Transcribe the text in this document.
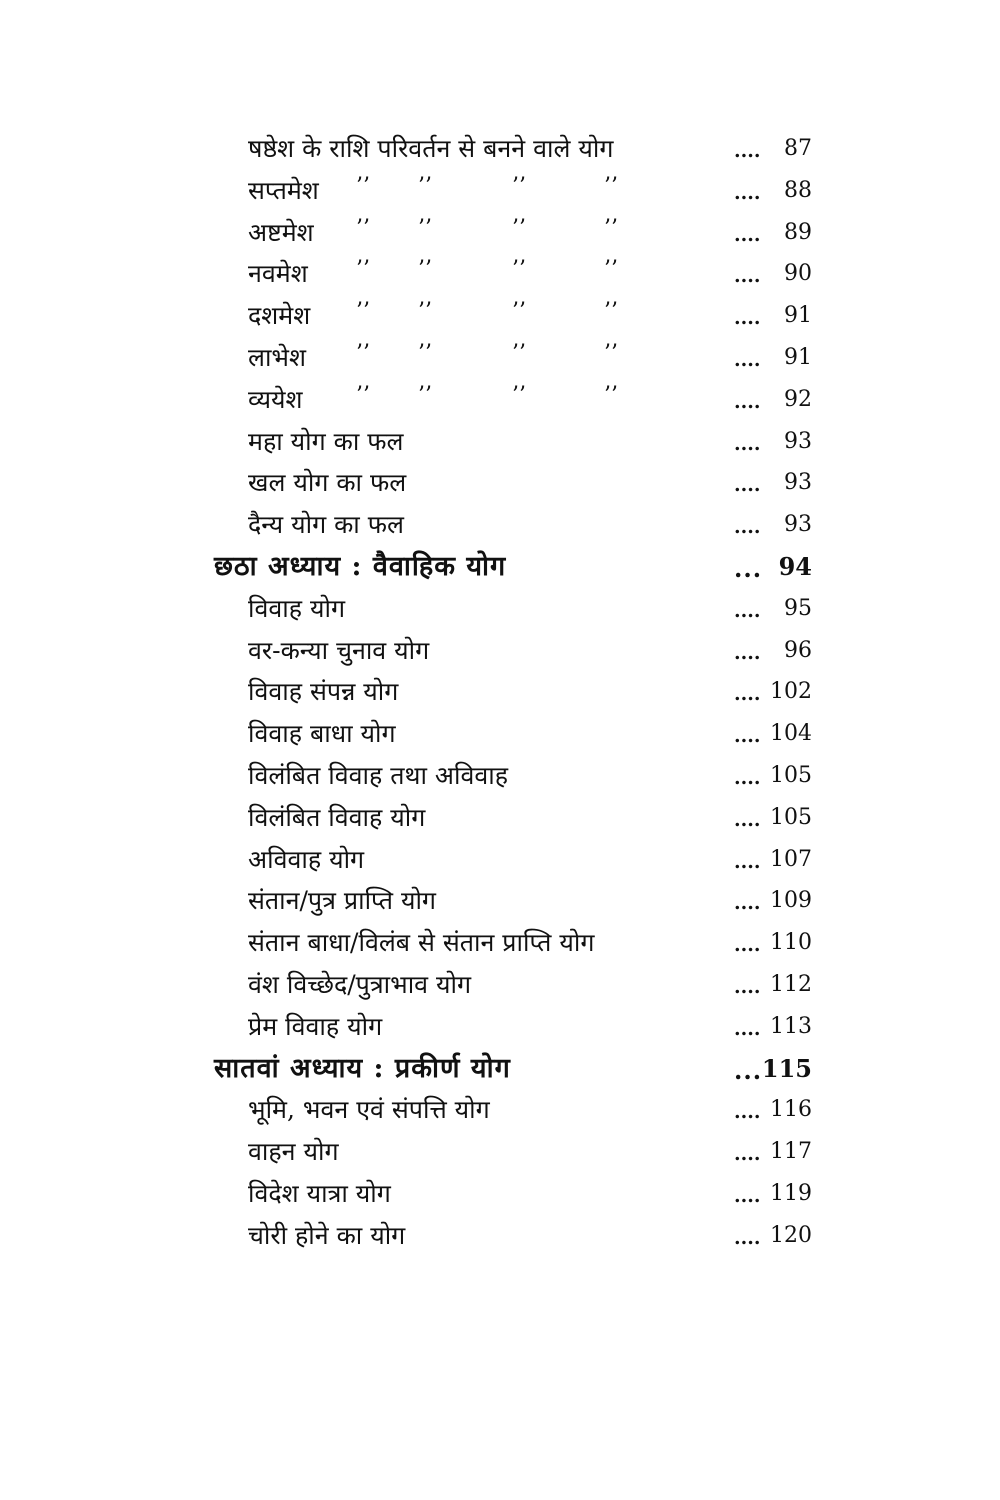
षष्ठेश के राशि परिवर्तन से बनने वाले योग	.... 87
सप्तमेश ’’ ’’	’’	’’	.... 88
अष्टमेश ’’ ’’	’’	’’	.... 89
नवमेश ’’ ’’	’’	’’	.... 90
दशमेश ’’ ’’	’’	’’	.... 91
लाभेश ’’ ’’	’’	’’	.... 91
व्ययेश ’’ ’’	’’	’’	.... 92
महा योग का फल	.... 93
खल योग का फल	.... 93
दैन्य योग का फल	.... 93
छठा अध्याय : वैवाहिक योग	... 94
विवाह योग	.... 95
वर-कन्या चुनाव योग	.... 96
विवाह संपन्न योग	.... 102
विवाह बाधा योग	.... 104
विलंबित विवाह तथा अविवाह	.... 105
विलंबित विवाह योग	.... 105
अविवाह योग	.... 107
संतान/पुत्र प्राप्ति योग	.... 109
संतान बाधा/विलंब से संतान प्राप्ति योग	.... 110
वंश विच्छेद/पुत्राभाव योग	.... 112
प्रेम विवाह योग	.... 113
सातवां अध्याय : प्रकीर्ण योग	... 115
भूमि, भवन एवं संपत्ति योग	.... 116
वाहन योग	.... 117
विदेश यात्रा योग	.... 119
चोरी होने का योग	.... 120
